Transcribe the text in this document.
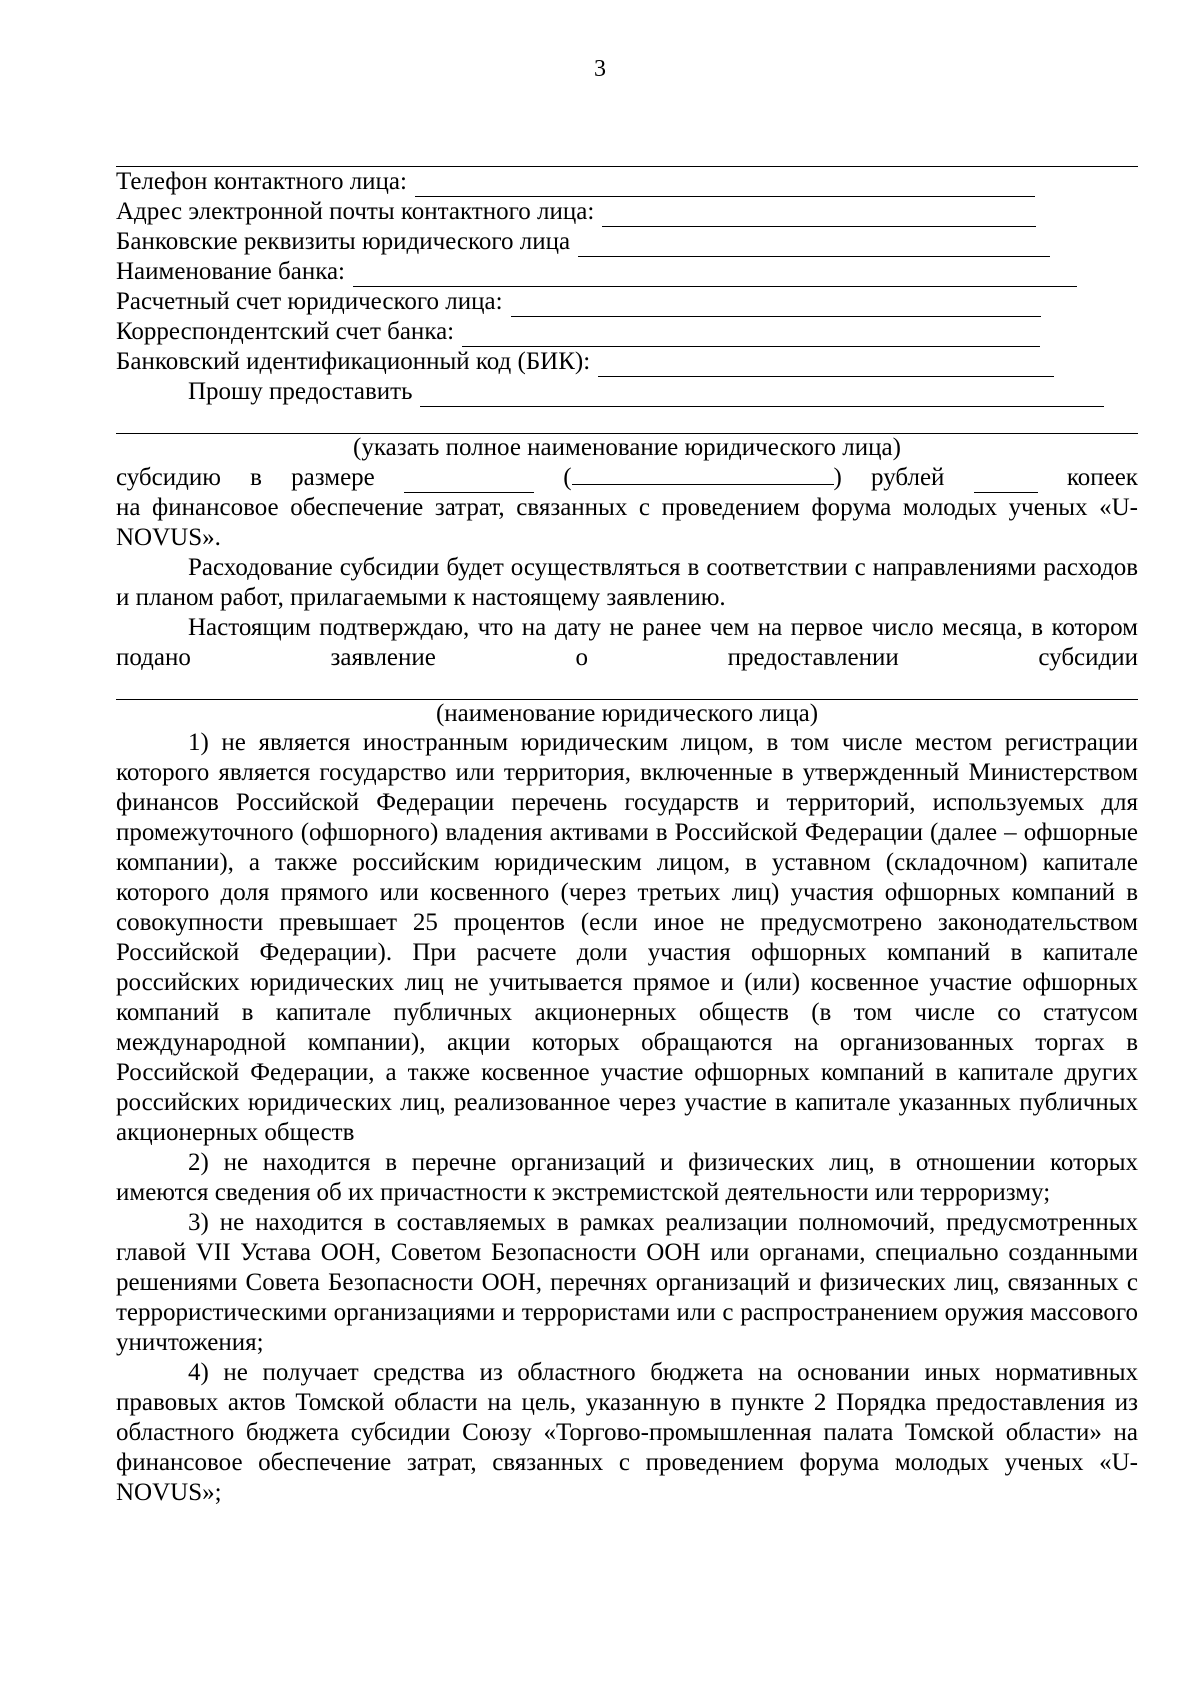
3
Телефон контактного лица:
Адрес электронной почты контактного лица:
Банковские реквизиты юридического лица
Наименование банка:
Расчетный счет юридического лица:
Корреспондентский счет банка:
Банковский идентификационный код (БИК):
Прошу предоставить
(указать полное наименование юридического лица)
субсидию в размере	(	) рублей	копеек

на финансовое обеспечение затрат, связанных с проведением форума молодых ученых «U-NOVUS».

Расходование субсидии будет осуществляться в соответствии с направлениями расходов и планом работ, прилагаемыми к настоящему заявлению.

Настоящим подтверждаю, что на дату не ранее чем на первое число месяца, в котором подано заявление о предоставлении субсидии

(наименование юридического лица)

1) не является иностранным юридическим лицом, в том числе местом регистрации которого является государство или территория, включенные в утвержденный Министерством финансов Российской Федерации перечень государств и территорий, используемых для промежуточного (офшорного) владения активами в Российской Федерации (далее – офшорные компании), а также российским юридическим лицом, в уставном (складочном) капитале которого доля прямого или косвенного (через третьих лиц) участия офшорных компаний в совокупности превышает 25 процентов (если иное не предусмотрено законодательством Российской Федерации). При расчете доли участия офшорных компаний в капитале российских юридических лиц не учитывается прямое и (или) косвенное участие офшорных компаний в капитале публичных акционерных обществ (в том числе со статусом международной компании), акции которых обращаются на организованных торгах в Российской Федерации, а также косвенное участие офшорных компаний в капитале других российских юридических лиц, реализованное через участие в капитале указанных публичных акционерных обществ

2) не находится в перечне организаций и физических лиц, в отношении которых имеются сведения об их причастности к экстремистской деятельности или терроризму;

3) не находится в составляемых в рамках реализации полномочий, предусмотренных главой VII Устава ООН, Советом Безопасности ООН или органами, специально созданными решениями Совета Безопасности ООН, перечнях организаций и физических лиц, связанных с террористическими организациями и террористами или с распространением оружия массового уничтожения;

4) не получает средства из областного бюджета на основании иных нормативных правовых актов Томской области на цель, указанную в пункте 2 Порядка предоставления из областного бюджета субсидии Союзу «Торгово-промышленная палата Томской области» на финансовое обеспечение затрат, связанных с проведением форума молодых ученых «U-NOVUS»;
